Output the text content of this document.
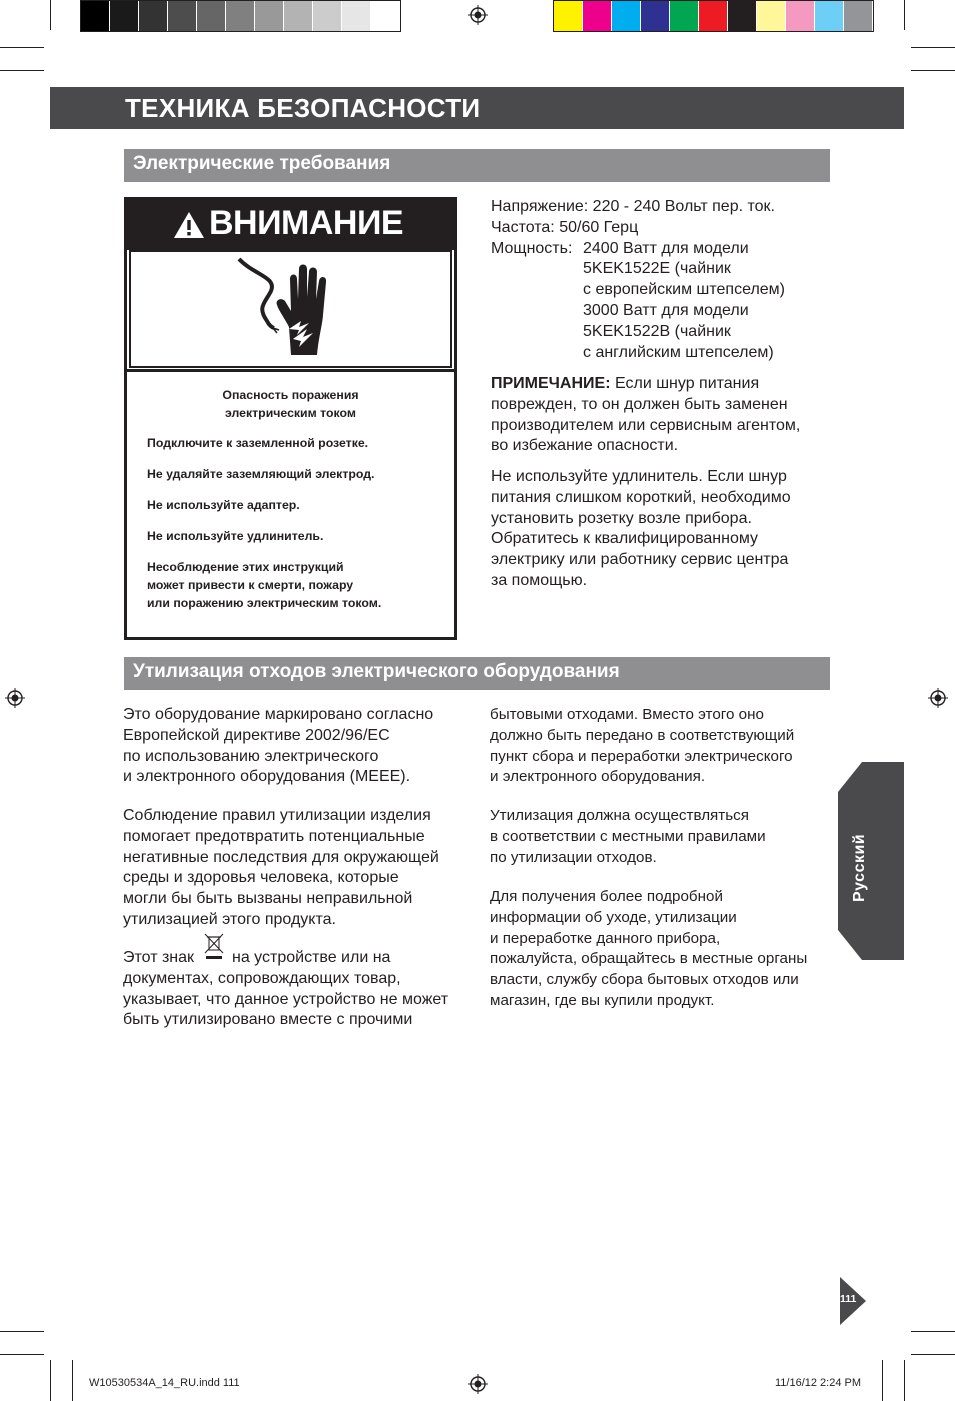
ТЕХНИКА БЕЗОПАСНОСТИ
Электрические требования
ВНИМАНИЕ
Опасность поражения
электрическим током
Подключите к заземленной розетке.
Не удаляйте заземляющий электрод.
Не используйте адаптер.
Не используйте удлинитель.
Несоблюдение этих инструкций
может привести к смерти, пожару
или поражению электрическим током.
Напряжение: 220 - 240 Вольт пер. ток.
Частота: 50/60 Герц
Мощность: 2400 Ватт для модели
5KEK1522E (чайник
с европейским штепселем)
3000 Ватт для модели
5KEK1522B (чайник
с английским штепселем)
ПРИМЕЧАНИЕ: Если шнур питания
поврежден, то он должен быть заменен
производителем или сервисным агентом,
во избежание опасности.
Не используйте удлинитель. Если шнур
питания слишком короткий, необходимо
установить розетку возле прибора.
Обратитесь к квалифицированному
электрику или работнику сервис центра
за помощью.
Утилизация отходов электрического оборудования
Это оборудование маркировано согласно
Европейской директиве 2002/96/EC
по использованию электрического
и электронного оборудования (MEEE).
Соблюдение правил утилизации изделия
помогает предотвратить потенциальные
негативные последствия для окружающей
среды и здоровья человека, которые
могли бы быть вызваны неправильной
утилизацией этого продукта.
Этот знак на устройстве или на
документах, сопровождающих товар,
указывает, что данное устройство не может
быть утилизировано вместе с прочими
бытовыми отходами. Вместо этого оно
должно быть передано в соответствующий
пункт сбора и переработки электрического
и электронного оборудования.
Утилизация должна осуществляться
в соответствии с местными правилами
по утилизации отходов.
Для получения более подробной
информации об уходе, утилизации
и переработке данного прибора,
пожалуйста, обращайтесь в местные органы
власти, службу сбора бытовых отходов или
магазин, где вы купили продукт.
Русский
111
W10530534A_14_RU.indd 111	11/16/12 2:24 PM
